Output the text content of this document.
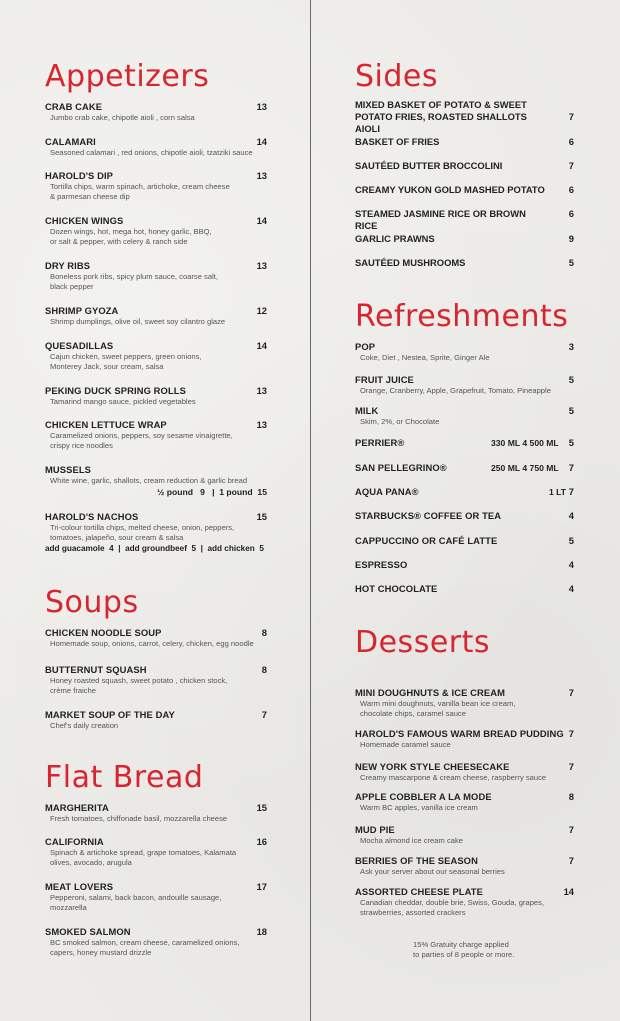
Appetizers
CRAB CAKE	13
Jumbo crab cake, chipotle aioli , corn salsa
CALAMARI	14
Seasoned calamari , red onions, chipotle aioli, tzatziki sauce
HAROLD'S DIP	13
Tortilla chips, warm spinach, artichoke, cream cheese
& parmesan cheese dip
CHICKEN WINGS	14
Dozen wings, hot, mega hot, honey garlic, BBQ,
or salt & pepper, with celery & ranch side
DRY RIBS	13
Boneless pork ribs, spicy plum sauce, coarse salt,
black pepper
SHRIMP GYOZA	12
Shrimp dumplings, olive oil, sweet soy cilantro glaze
QUESADILLAS	14
Cajun chicken, sweet peppers, green onions,
Monterey Jack, sour cream, salsa
PEKING DUCK SPRING ROLLS	13
Tamarind mango sauce, pickled vegetables
CHICKEN LETTUCE WRAP	13
Caramelized onions, peppers, soy sesame vinaigrette,
crispy rice noodles
MUSSELS
White wine, garlic, shallots, cream reduction & garlic bread
½ pound   9   |  1 pound  15
HAROLD'S NACHOS	15
Tri-colour tortilla chips, melted cheese, onion, peppers,
tomatoes, jalapeño, sour cream & salsa
add guacamole  4  |  add groundbeef  5  |  add chicken  5
Soups
CHICKEN NOODLE SOUP	8
Homemade soup, onions, carrot, celery, chicken, egg noodle
BUTTERNUT SQUASH	8
Honey roasted squash, sweet potato , chicken stock,
crème fraiche
MARKET SOUP OF THE DAY	7
Chef's daily creation
Flat Bread
MARGHERITA	15
Fresh tomatoes, chiffonade basil, mozzarella cheese
CALIFORNIA	16
Spinach & artichoke spread, grape tomatoes, Kalamata
olives, avocado, arugula
MEAT LOVERS	17
Pepperoni, salami, back bacon, andouille sausage,
mozzarella
SMOKED SALMON	18
BC smoked salmon, cream cheese, caramelized onions,
capers, honey mustard drizzle
Sides
MIXED BASKET OF POTATO & SWEET POTATO FRIES, ROASTED SHALLOTS AIOLI
7
BASKET OF FRIES	6
SAUTÉED BUTTER BROCCOLINI	7
CREAMY YUKON GOLD MASHED POTATO	6
STEAMED JASMINE RICE OR BROWN RICE
6
GARLIC PRAWNS	9
SAUTÉED MUSHROOMS	5
Refreshments
POP	3
Coke, Diet , Nestea, Sprite, Ginger Ale
FRUIT JUICE	5
Orange, Cranberry, Apple, Grapefruit, Tomato, Pineapple
MILK	5
Skim, 2%, or Chocolate
PERRIER®	330 ML 4 500 ML 5
SAN PELLEGRINO®	250 ML 4 750 ML 7
AQUA PANA®	1 LT 7
STARBUCKS® COFFEE OR TEA	4
CAPPUCCINO OR CAFÉ LATTE	5
ESPRESSO	4
HOT CHOCOLATE	4
Desserts
MINI DOUGHNUTS & ICE CREAM	7
Warm mini doughnuts, vanilla bean ice cream,
chocolate chips, caramel sauce
HAROLD'S FAMOUS WARM BREAD PUDDING 7
Homemade caramel sauce
NEW YORK STYLE CHEESECAKE	7
Creamy mascarpone & cream cheese, raspberry sauce
APPLE COBBLER A LA MODE	8
Warm BC apples, vanilla ice cream
MUD PIE	7
Mocha almond ice cream cake
BERRIES OF THE SEASON	7
Ask your server about our seasonal berries
ASSORTED CHEESE PLATE	14
Canadian cheddar, double brie, Swiss, Gouda, grapes,
strawberries, assorted crackers
15% Gratuity charge applied
to parties of 8 people or more.
